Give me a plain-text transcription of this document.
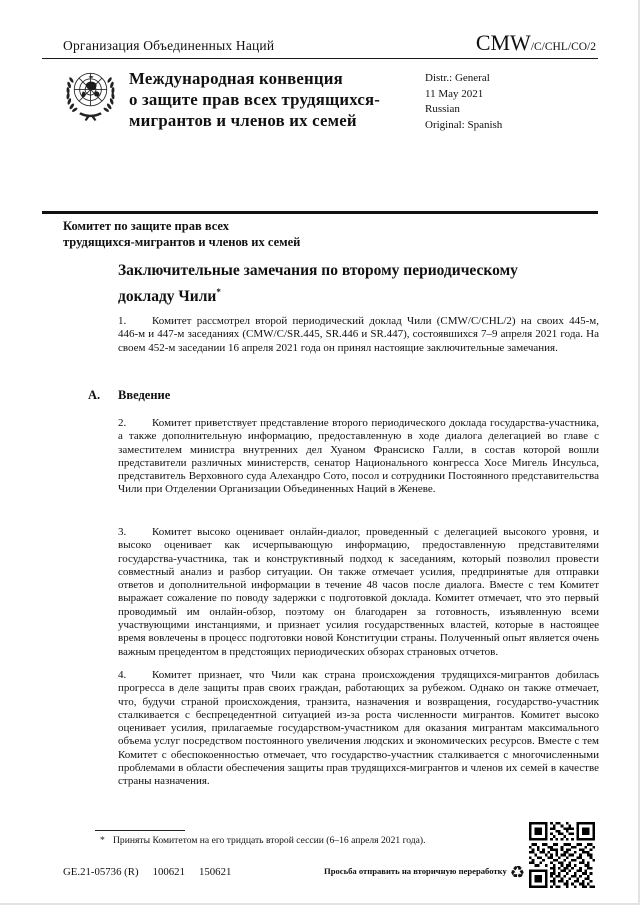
Организация Объединенных Наций	CMW/C/CHL/CO/2
Международная конвенция
о защите прав всех трудящихся-
мигрантов и членов их семей
Distr.: General
11 May 2021
Russian
Original: Spanish
Комитет по защите прав всех
трудящихся-мигрантов и членов их семей
Заключительные замечания по второму периодическому докладу Чили*

1. Комитет рассмотрел второй периодический доклад Чили (CMW/C/CHL/2) на своих 445-м, 446-м и 447-м заседаниях (CMW/C/SR.445, SR.446 и SR.447), состоявшихся 7–9 апреля 2021 года. На своем 452-м заседании 16 апреля 2021 года он принял настоящие заключительные замечания.

A. Введение

2. Комитет приветствует представление второго периодического доклада государства-участника, а также дополнительную информацию, предоставленную в ходе диалога делегацией во главе с заместителем министра внутренних дел Хуаном Франсиско Галли, в состав которой вошли представители различных министерств, сенатор Национального конгресса Хосе Мигель Инсульса, представитель Верховного суда Алехандро Сото, посол и сотрудники Постоянного представительства Чили при Отделении Организации Объединенных Наций в Женеве.

3. Комитет высоко оценивает онлайн-диалог, проведенный с делегацией высокого уровня, и высоко оценивает как исчерпывающую информацию, предоставленную представителями государства-участника, так и конструктивный подход к заседаниям, который позволил провести совместный анализ и разбор ситуации. Он также отмечает усилия, предпринятые для отправки ответов и дополнительной информации в течение 48 часов после диалога. Вместе с тем Комитет выражает сожаление по поводу задержки с подготовкой доклада. Комитет отмечает, что это первый проводимый им онлайн-обзор, поэтому он благодарен за готовность, изъявленную всеми участвующими инстанциями, и признает усилия государственных властей, которые в настоящее время вовлечены в процесс подготовки новой Конституции страны. Полученный опыт является очень важным прецедентом в предстоящих периодических обзорах страновых отчетов.

4. Комитет признает, что Чили как страна происхождения трудящихся-мигрантов добилась прогресса в деле защиты прав своих граждан, работающих за рубежом. Однако он также отмечает, что, будучи страной происхождения, транзита, назначения и возвращения, государство-участник сталкивается с беспрецедентной ситуацией из-за роста численности мигрантов. Комитет высоко оценивает усилия, прилагаемые государством-участником для оказания мигрантам максимального объема услуг посредством постоянного увеличения людских и экономических ресурсов. Вместе с тем Комитет с обеспокоенностью отмечает, что государство-участник сталкивается с многочисленными проблемами в области обеспечения защиты прав трудящихся-мигрантов и членов их семей в качестве страны назначения.

* Приняты Комитетом на его тридцать второй сессии (6–16 апреля 2021 года).

GE.21-05736 (R) 100621 150621	Просьба отправить на вторичную переработку ♻
